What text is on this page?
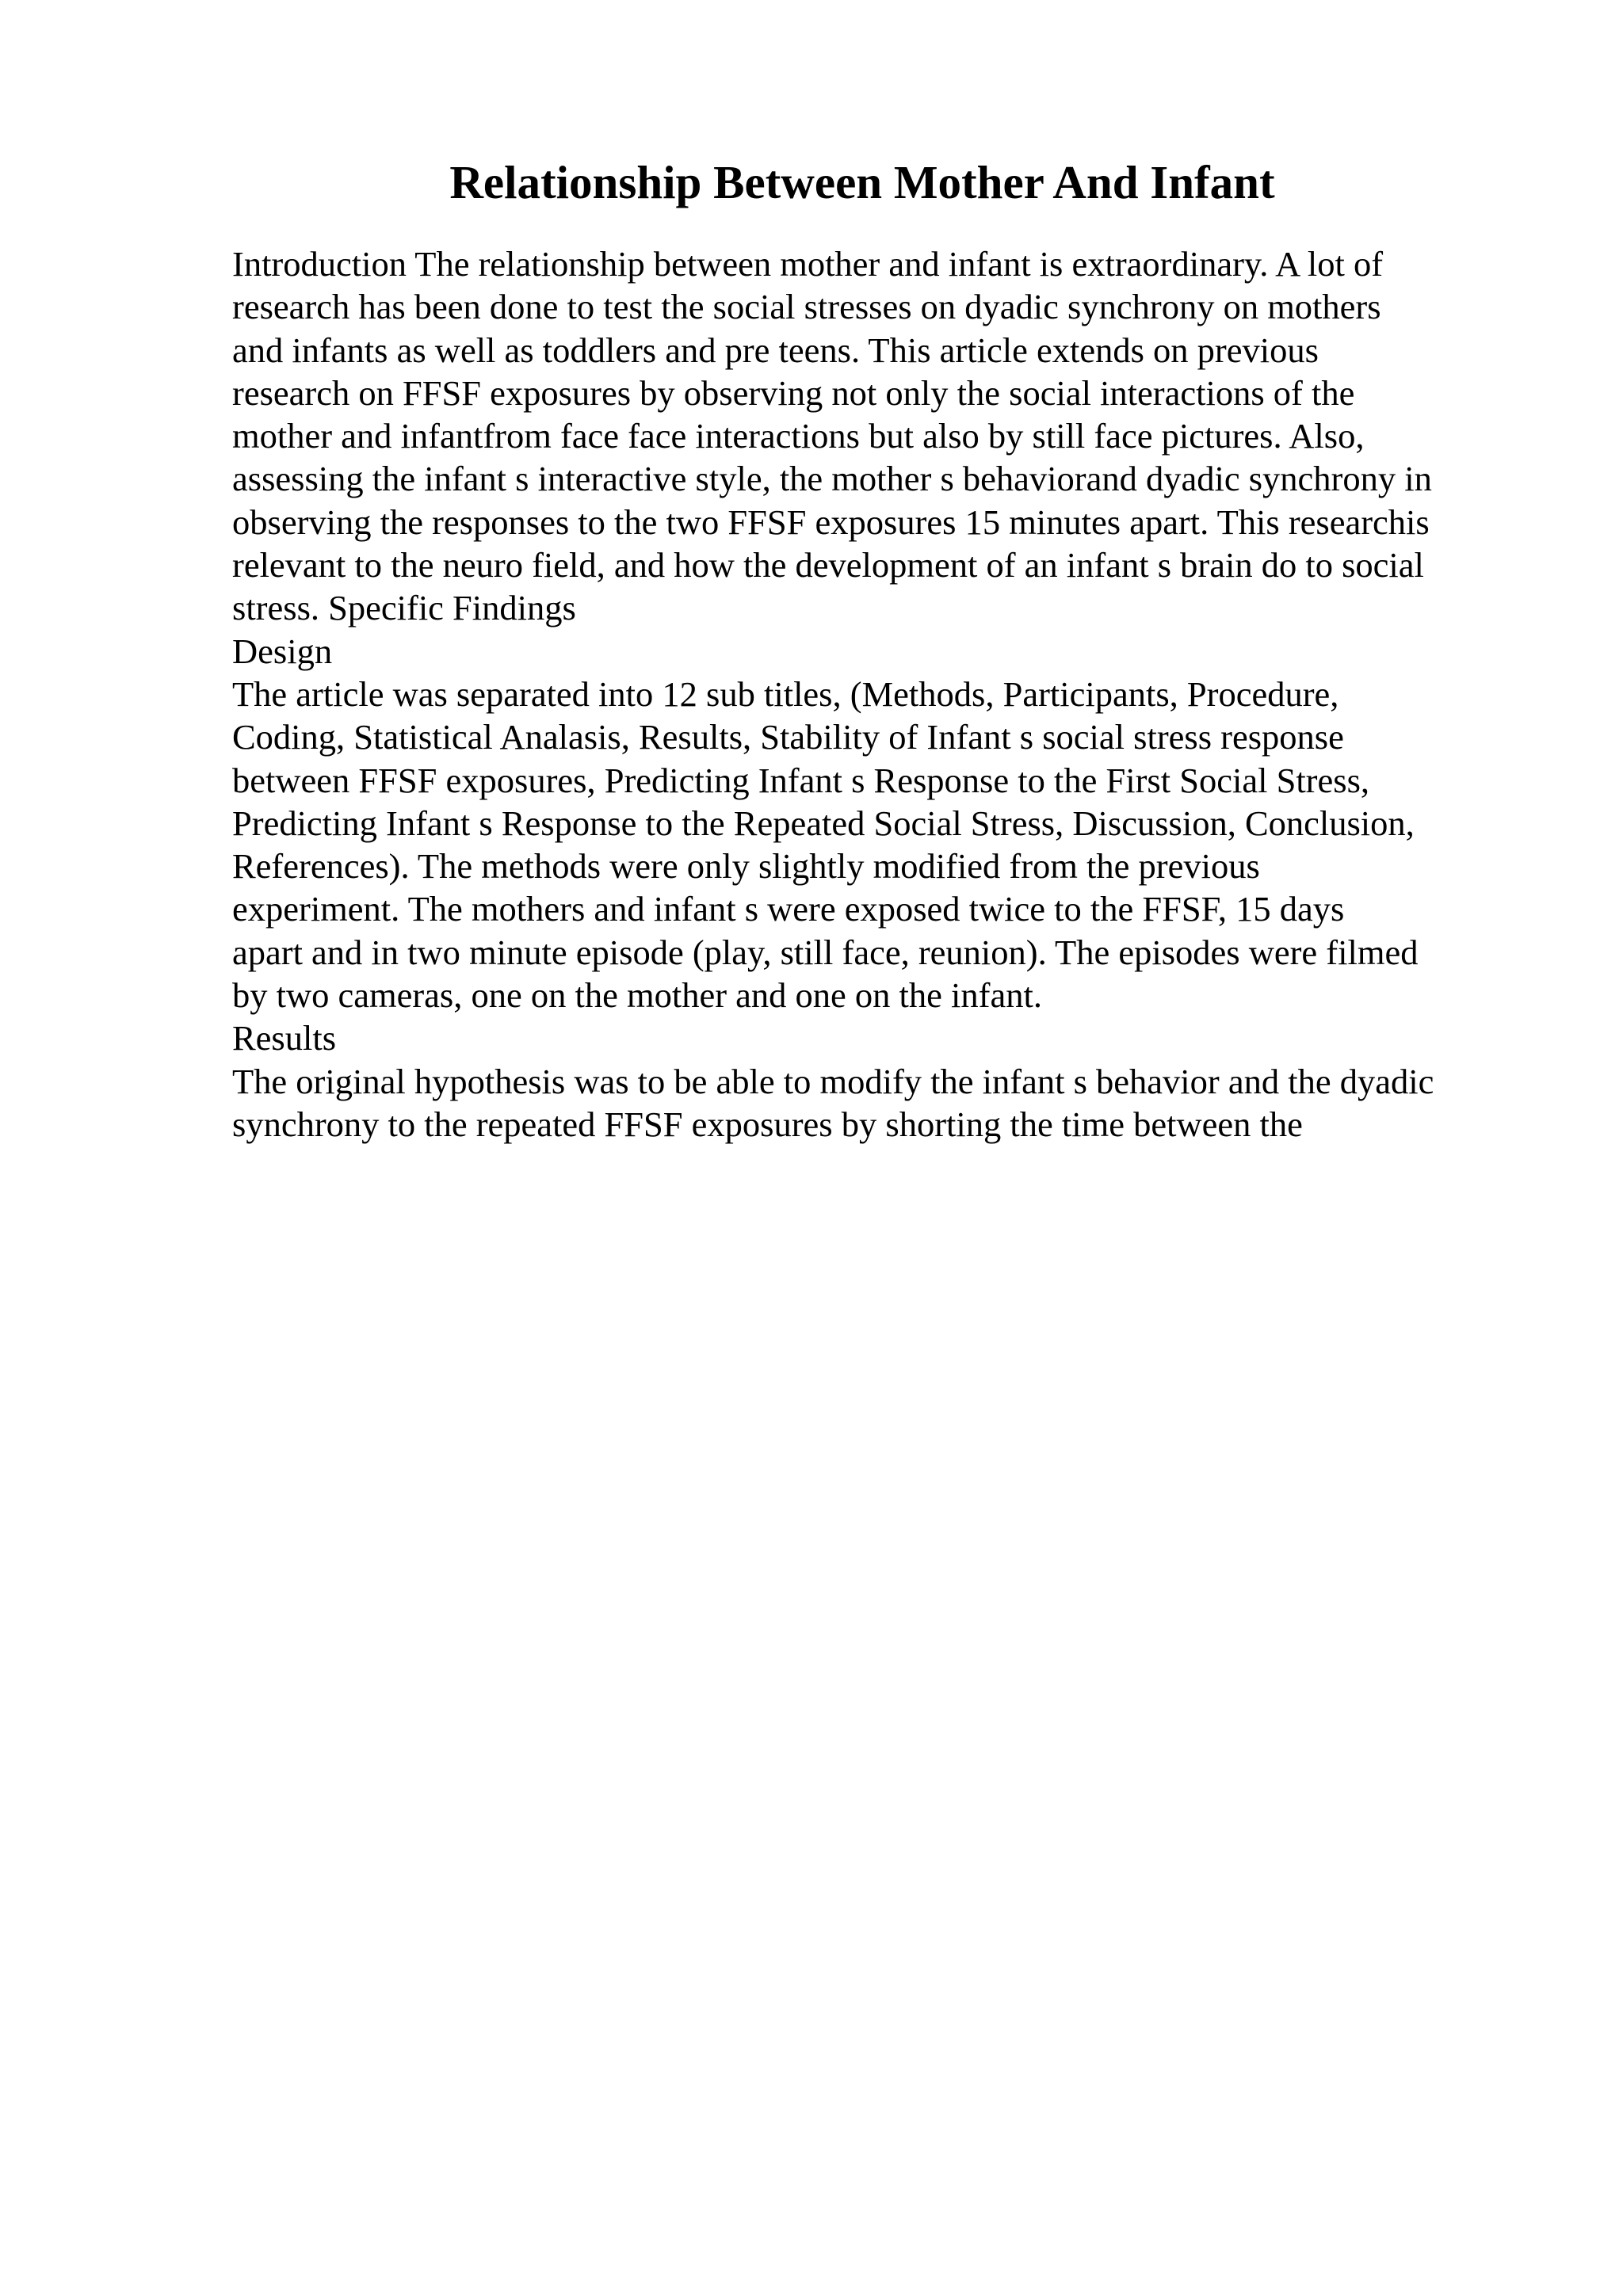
Relationship Between Mother And Infant
Introduction The relationship between mother and infant is extraordinary. A lot of
research has been done to test the social stresses on dyadic synchrony on mothers
and infants as well as toddlers and pre teens. This article extends on previous
research on FFSF exposures by observing not only the social interactions of the
mother and infantfrom face face interactions but also by still face pictures. Also,
assessing the infant s interactive style, the mother s behaviorand dyadic synchrony in
observing the responses to the two FFSF exposures 15 minutes apart. This researchis
relevant to the neuro field, and how the development of an infant s brain do to social
stress. Specific Findings
Design
The article was separated into 12 sub titles, (Methods, Participants, Procedure,
Coding, Statistical Analasis, Results, Stability of Infant s social stress response
between FFSF exposures, Predicting Infant s Response to the First Social Stress,
Predicting Infant s Response to the Repeated Social Stress, Discussion, Conclusion,
References). The methods were only slightly modified from the previous
experiment. The mothers and infant s were exposed twice to the FFSF, 15 days
apart and in two minute episode (play, still face, reunion). The episodes were filmed
by two cameras, one on the mother and one on the infant.
Results
The original hypothesis was to be able to modify the infant s behavior and the dyadic
synchrony to the repeated FFSF exposures by shorting the time between the
